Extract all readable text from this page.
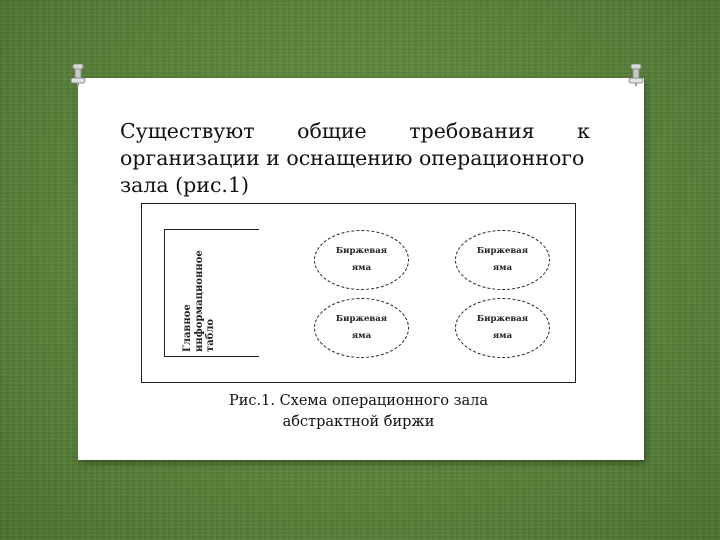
Существуют общие требования к
организации и оснащению операционного
зала (рис.1)
Биржевая
яма
Биржевая
яма
Биржевая
яма
Биржевая
яма
Главное информационное табло
Рис.1. Схема операционного зала
абстрактной биржи
